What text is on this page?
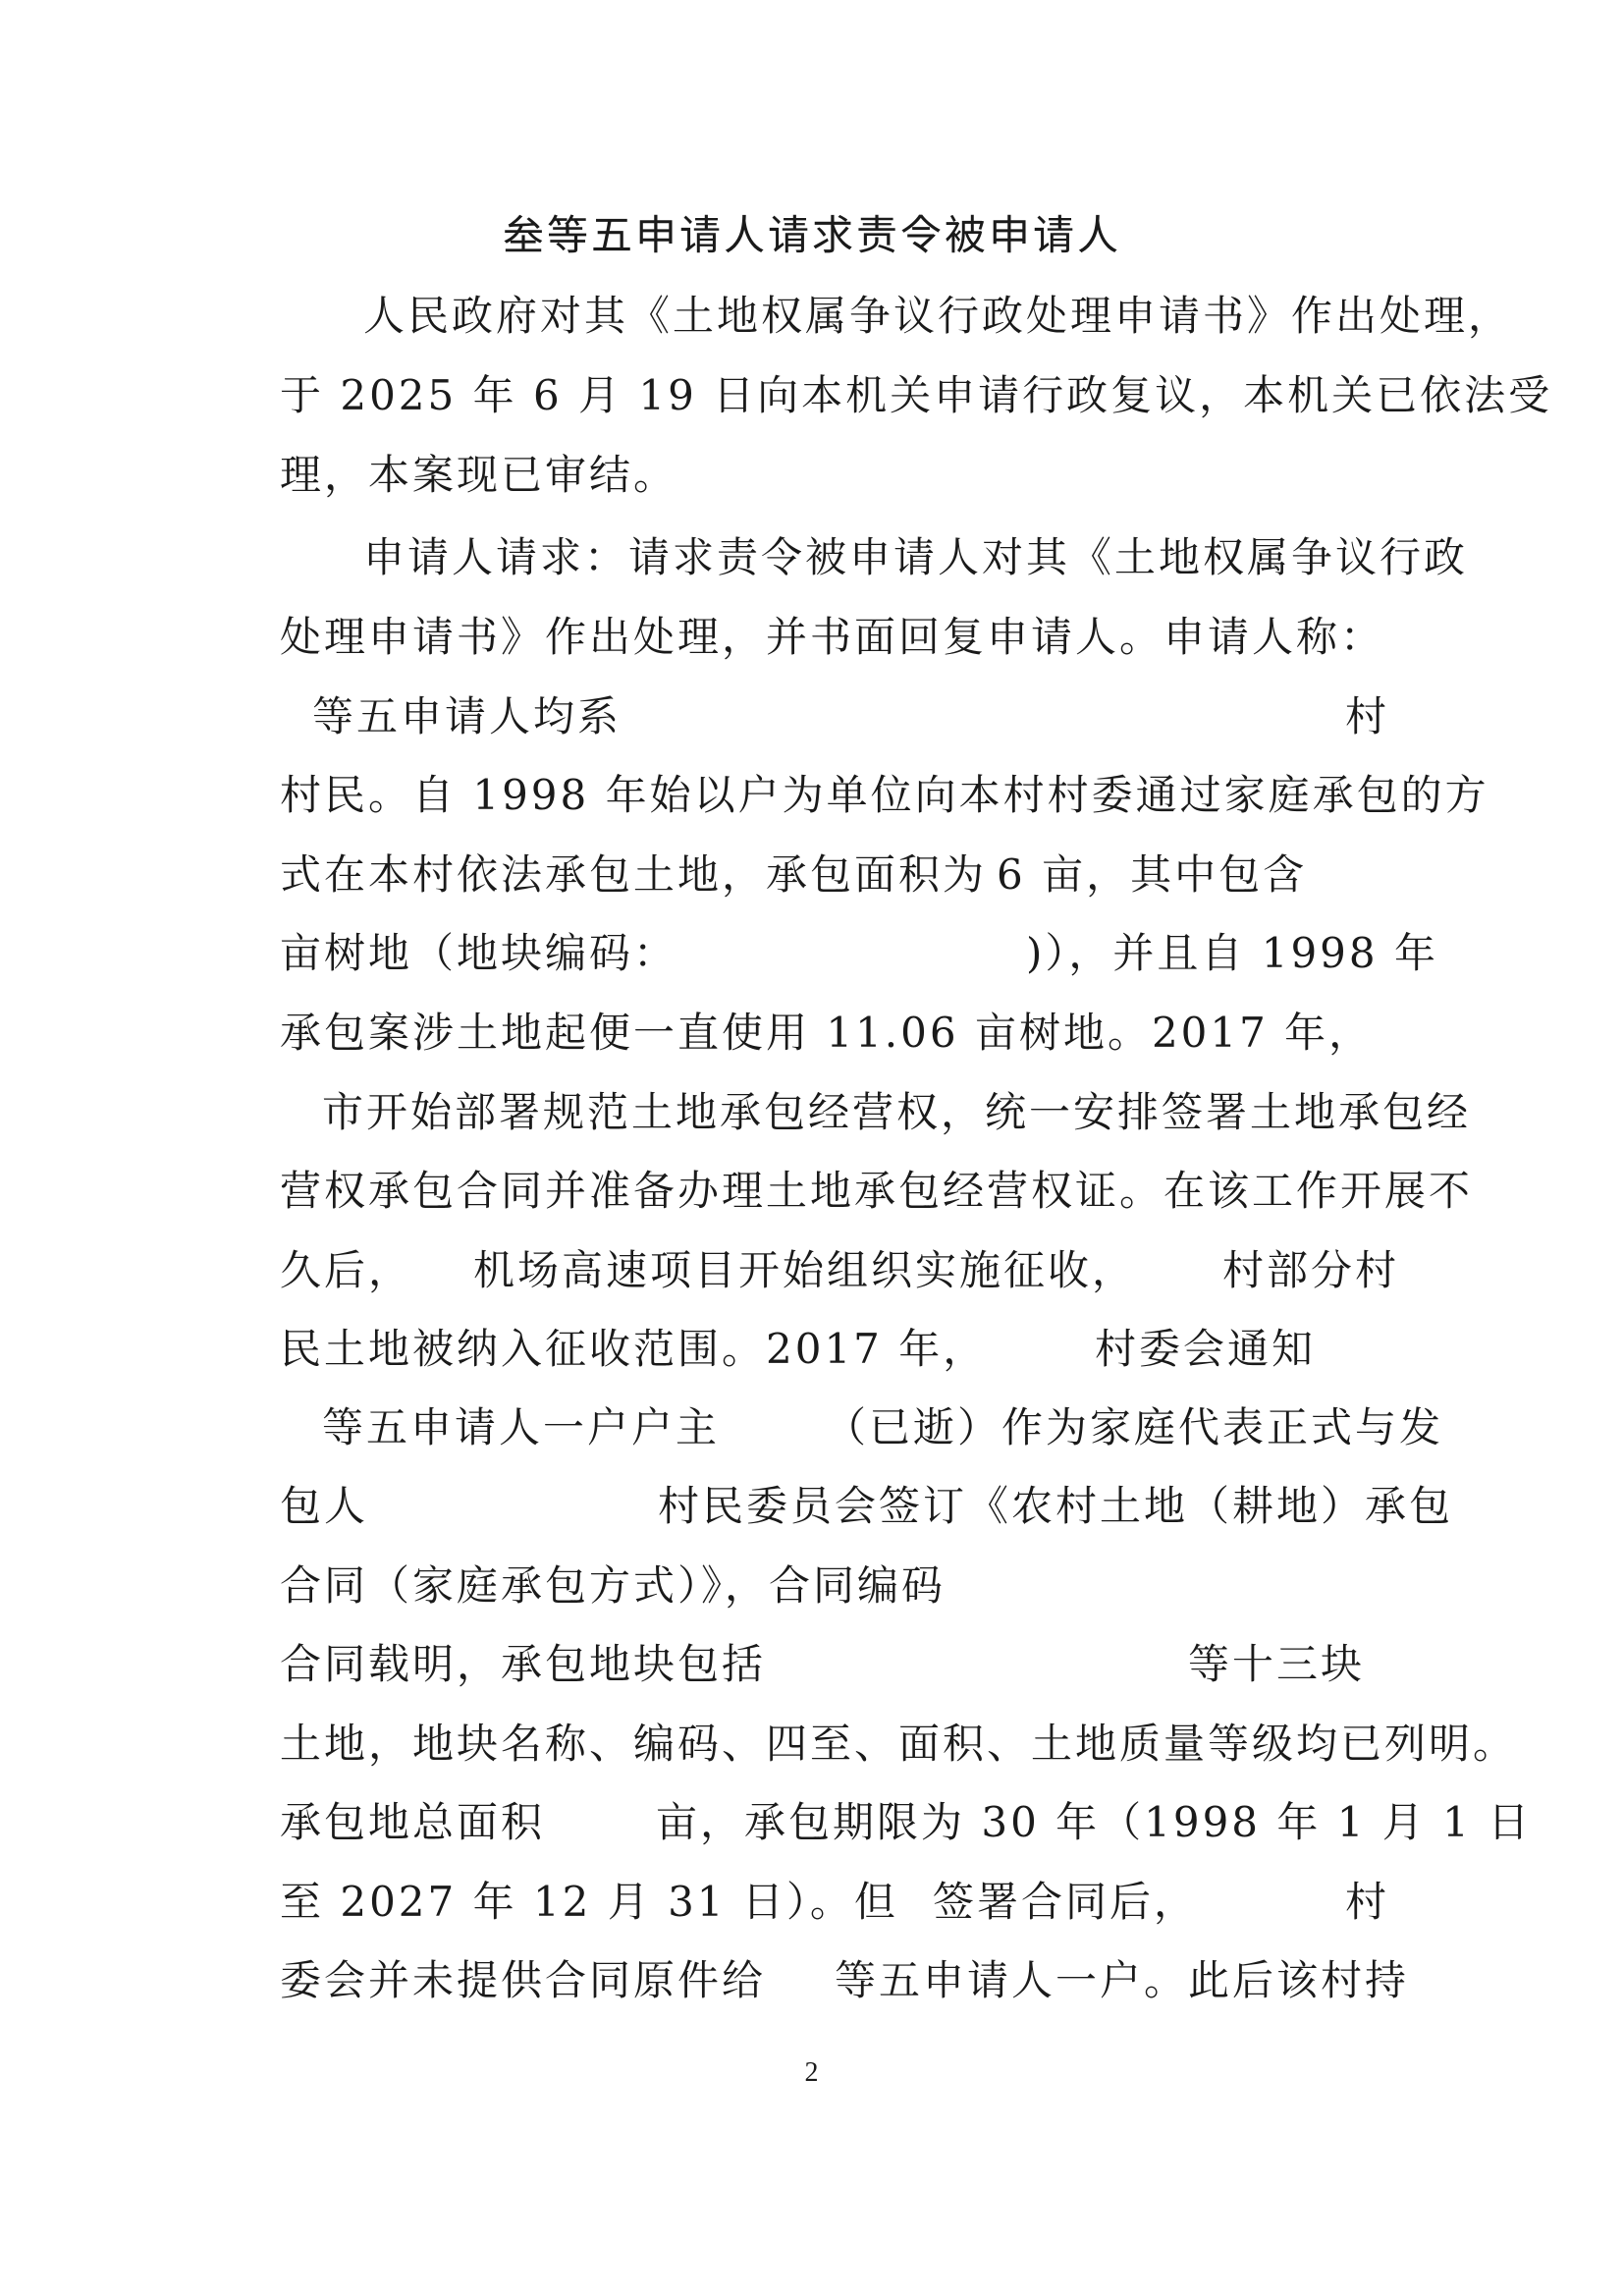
𡊄等五申请人请求责令被申请人
人民政府对其《土地权属争议行政处理申请书》作出处理，
于 2025 年 6 月 19 日向本机关申请行政复议，本机关已依法受
理，本案现已审结。
申请人请求：请求责令被申请人对其《土地权属争议行政
处理申请书》作出处理，并书面回复申请人。申请人称：
等五申请人均系	村
村民。自 1998 年始以户为单位向本村村委通过家庭承包的方
式在本村依法承包土地，承包面积为 6 亩，其中包含
亩树地（地块编码：	)），并且自 1998 年
承包案涉土地起便一直使用 11.06 亩树地。2017 年，
市开始部署规范土地承包经营权，统一安排签署土地承包经
营权承包合同并准备办理土地承包经营权证。在该工作开展不
久后， 机场高速项目开始组织实施征收， 村部分村
民土地被纳入征收范围。2017 年，	村委会通知
等五申请人一户户主	（已逝）作为家庭代表正式与发
包人	村民委员会签订《农村土地（耕地）承包
合同（家庭承包方式）》，合同编码
合同载明，承包地块包括	等十三块
土地，地块名称、编码、四至、面积、土地质量等级均已列明。
承包地总面积	亩，承包期限为 30 年（1998 年 1 月 1 日
至 2027 年 12 月 31 日）。但 签署合同后，	村
委会并未提供合同原件给 等五申请人一户。此后该村持
2
